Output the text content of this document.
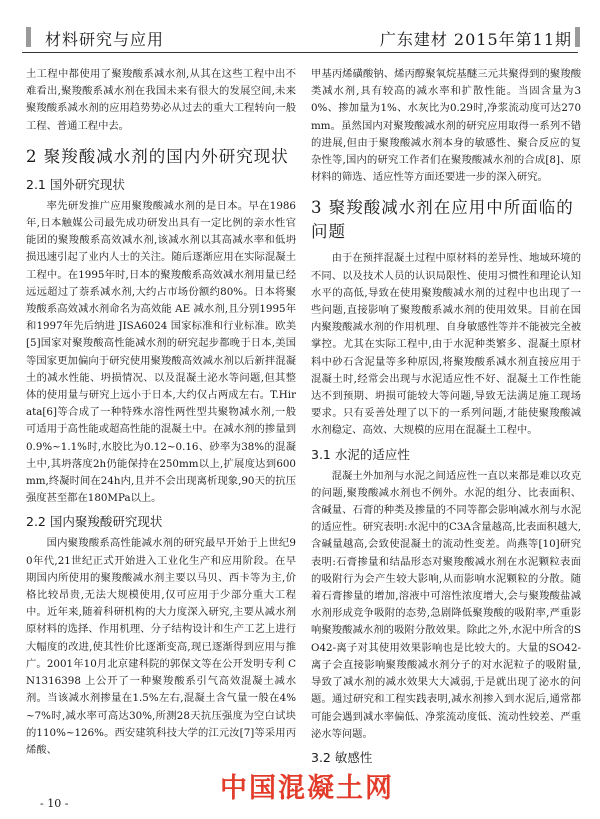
材料研究与应用	广东建材 2015年第11期

土工程中都使用了聚羧酸系减水剂,从其在这些工程中出不难看出,聚羧酸系减水剂在我国未来有很大的发展空间,未来聚羧酸系减水剂的应用趋势势必从过去的重大工程转向一般工程、普通工程中去。

2 聚羧酸减水剂的国内外研究现状
2.1 国外研究现状

率先研发推广应用聚羧酸减水剂的是日本。早在1986年,日本触媒公司最先成功研发出具有一定比例的亲水性官能团的聚羧酸系高效减水剂,该减水剂以其高减水率和低坍损迅速引起了业内人士的关注。随后逐渐应用在实际混凝土工程中。在1995年时,日本的聚羧酸系高效减水剂用量已经远远超过了萘系减水剂,大约占市场份额约80%。日本将聚羧酸系高效减水剂命名为高效能 AE 减水剂,且分别1995年和1997年先后纳进 JISA6024 国家标准和行业标准。欧美[5]国家对聚羧酸高性能减水剂的研究起步都晚于日本,美国等国家更加偏向于研究使用聚羧酸高效减水剂以后新拌混凝土的减水性能、坍损情况、以及混凝土泌水等问题,但其整体的使用量与研究上远小于日本,大约仅占两成左右。T.Hirata[6]等合成了一种特殊水溶性两性型共聚物减水剂,一般可适用于高性能或超高性能的混凝土中。在减水剂的掺量到0.9%~1.1%时,水胶比为0.12~0.16、砂率为38%的混凝土中,其坍落度2h仍能保持在250mm以上,扩展度达到600mm,终凝时间在24h内,且并不会出现离析现象,90天的抗压强度甚至都在180MPa以上。

2.2 国内聚羧酸研究现状

国内聚羧酸系高性能减水剂的研究最早开始于上世纪90年代,21世纪正式开始进入工业化生产和应用阶段。在早期国内所使用的聚羧酸减水剂主要以马贝、西卡等为主,价格比较昂贵,无法大规模使用,仅可应用于少部分重大工程中。近年来,随着科研机构的大力度深入研究,主要从减水剂原材料的选择、作用机理、分子结构设计和生产工艺上进行大幅度的改进,使其性价比逐渐变高,现已逐渐得到应用与推广。2001年10月北京建科院的郭保文等在公开发明专利 CN1316398 上公开了一种聚羧酸系引气高效混凝土减水剂。当该减水剂掺量在1.5%左右,混凝土含气量一般在4%~7%时,减水率可高达30%,所测28天抗压强度为空白试块的110%~126%。西安建筑科技大学的江元汝[7]等采用丙烯酸、

甲基丙烯磺酸钠、烯丙醇聚氧烷基醚三元共聚得到的聚羧酸类减水剂,具有较高的减水率和扩散性能。当固含量为30%、掺加量为1%、水灰比为0.29时,净浆流动度可达270mm。虽然国内对聚羧酸减水剂的研究应用取得一系列不错的进展,但由于聚羧酸减水剂本身的敏感性、聚合反应的复杂性等,国内的研究工作者们在聚羧酸减水剂的合成[8]、原材料的筛选、适应性等方面还要进一步的深入研究。

3 聚羧酸减水剂在应用中所面临的问题

由于在预拌混凝土过程中原材料的差异性、地域环境的不同、以及技术人员的认识局限性、使用习惯性和理论认知水平的高低,导致在使用聚羧酸减水剂的过程中也出现了一些问题,直接影响了聚羧酸系减水剂的使用效果。目前在国内聚羧酸减水剂的作用机理、自身敏感性等并不能被完全被掌控。尤其在实际工程中,由于水泥种类繁多、混凝土原材料中砂石含泥量等多种原因,将聚羧酸系减水剂直接应用于混凝土时,经常会出现与水泥适应性不好、混凝土工作性能达不到预期、坍损可能较大等问题,导致无法满足施工现场要求。只有妥善处理了以下的一系列问题,才能使聚羧酸减水剂稳定、高效、大规模的应用在混凝土工程中。

3.1 水泥的适应性

混凝土外加剂与水泥之间适应性一直以来都是难以攻克的问题,聚羧酸减水剂也不例外。水泥的组分、比表面积、含碱量、石膏的种类及掺量的不同等都会影响减水剂与水泥的适应性。研究表明:水泥中的C3A含量越高,比表面积越大,含碱量越高,会致使混凝土的流动性变差。尚燕等[10]研究表明:石膏掺量和结晶形态对聚羧酸减水剂在水泥颗粒表面的吸附行为会产生较大影响,从而影响水泥颗粒的分散。随着石膏掺量的增加,溶液中可溶性浓度增大,会与聚羧酸盐减水剂形成竞争吸附的态势,急剧降低聚羧酸的吸附率,严重影响聚羧酸减水剂的吸附分散效果。除此之外,水泥中所含的SO42-离子对其使用效果影响也是比较大的。大量的SO42-离子会直接影响聚羧酸减水剂分子的对水泥粒子的吸附量,导致了减水剂的减水效果大大减弱,于是就出现了泌水的问题。通过研究和工程实践表明,减水剂掺入到水泥后,通常都可能会遇到减水率偏低、净浆流动度低、流动性较差、严重泌水等问题。

3.2 敏感性
- 10 -	中国混凝土网
